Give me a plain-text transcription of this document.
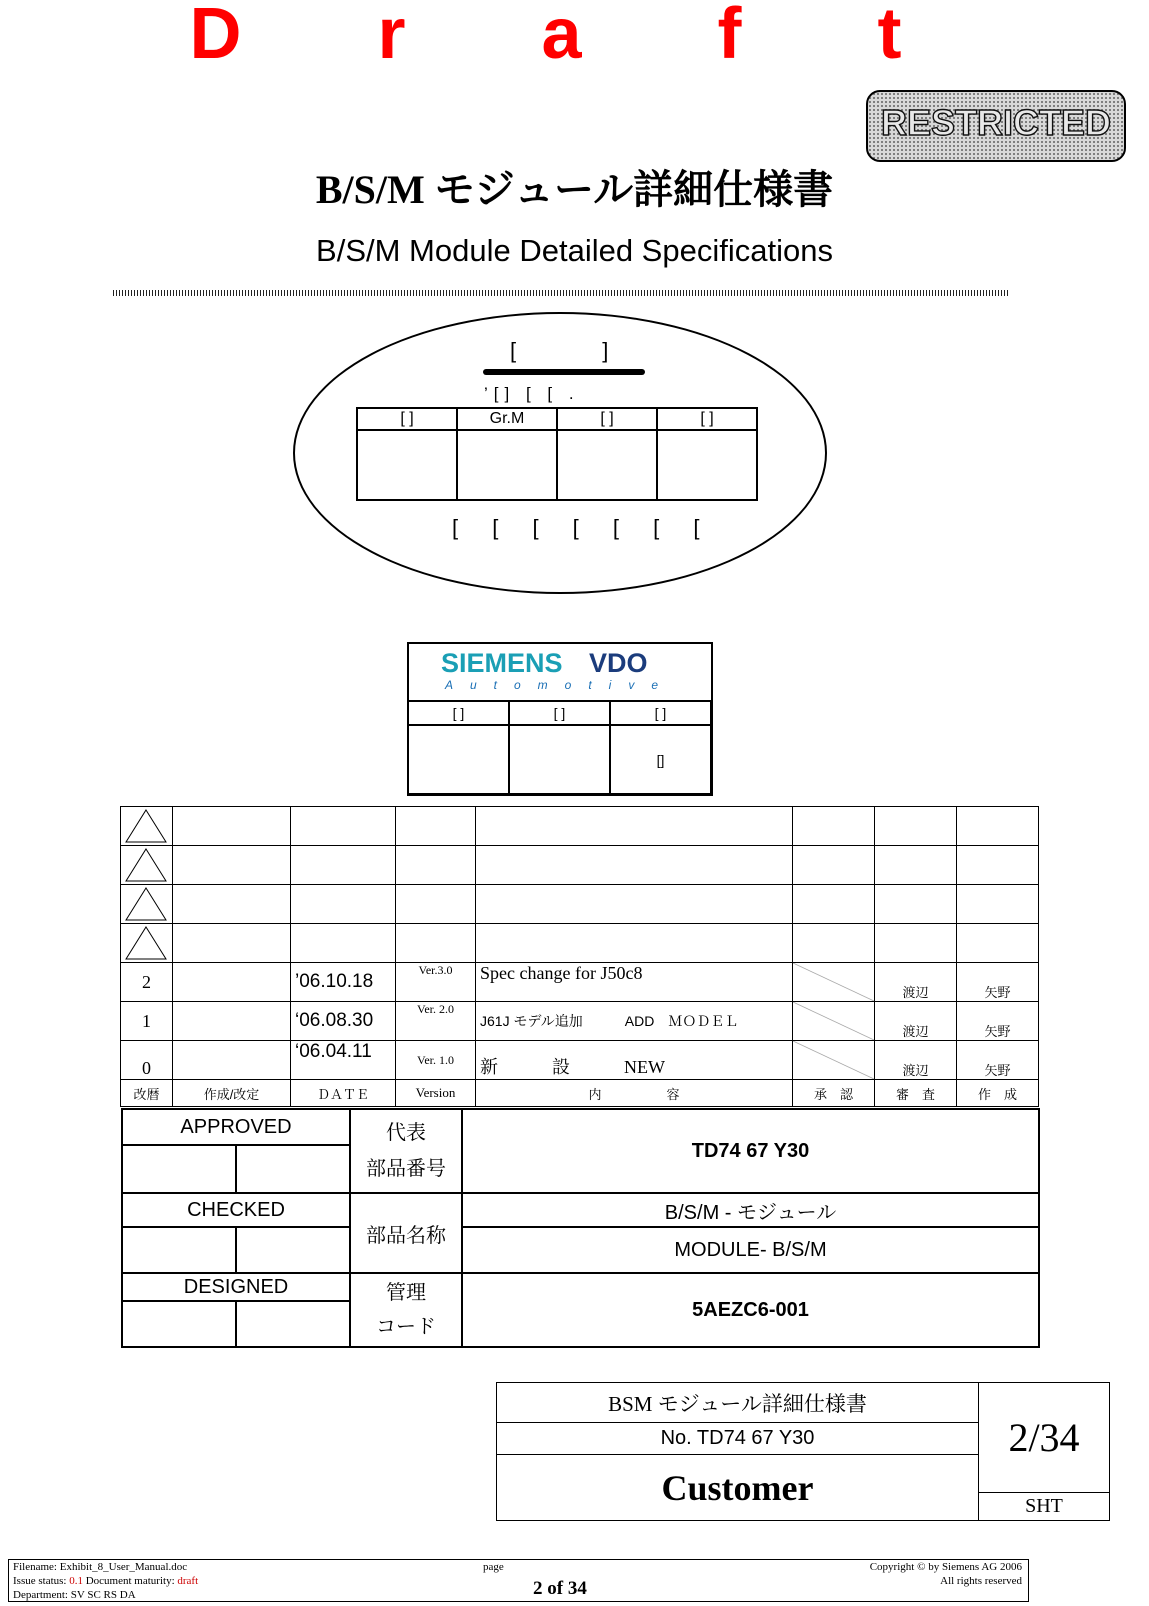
D r a f t
RESTRICTED
B/S/M モジュール詳細仕様書
B/S/M Module Detailed Specifications
[ ]
’[] [ [ .
[ ]	Gr.M	[ ]	[ ]

[ [ [ [ [ [ [
SIEMENS VDO
Automotive
[ ]	[ ]	[ ]
		[]

2		’06.10.18	Ver.3.0	Spec change for J50c8		渡辺	矢野
1		‘06.08.30	Ver. 2.0	J61J モデル追加　　　ADD　ＭＯＤＥＬ		渡辺	矢野
0		‘06.04.11	Ver. 1.0	新　　　設　　　NEW		渡辺	矢野
改暦	作成/改定	ＤＡＴＥ	Version	内　　　　　容	承　認	審　査	作　成
APPROVED		代表
部品番号	TD74 67 Y30

CHECKED		部品名称	B/S/M - モジュール
			MODULE- B/S/M
DESIGNED		管理
コード	5AEZC6-001

BSM モジュール詳細仕様書	2/34
No. TD74 67 Y30
Customer
SHT
Filename: Exhibit_8_User_Manual.doc
Issue status: 0.1 Document maturity: draft
Department: SV SC RS DA
page
2 of 34
Copyright © by Siemens AG 2006
All rights reserved
